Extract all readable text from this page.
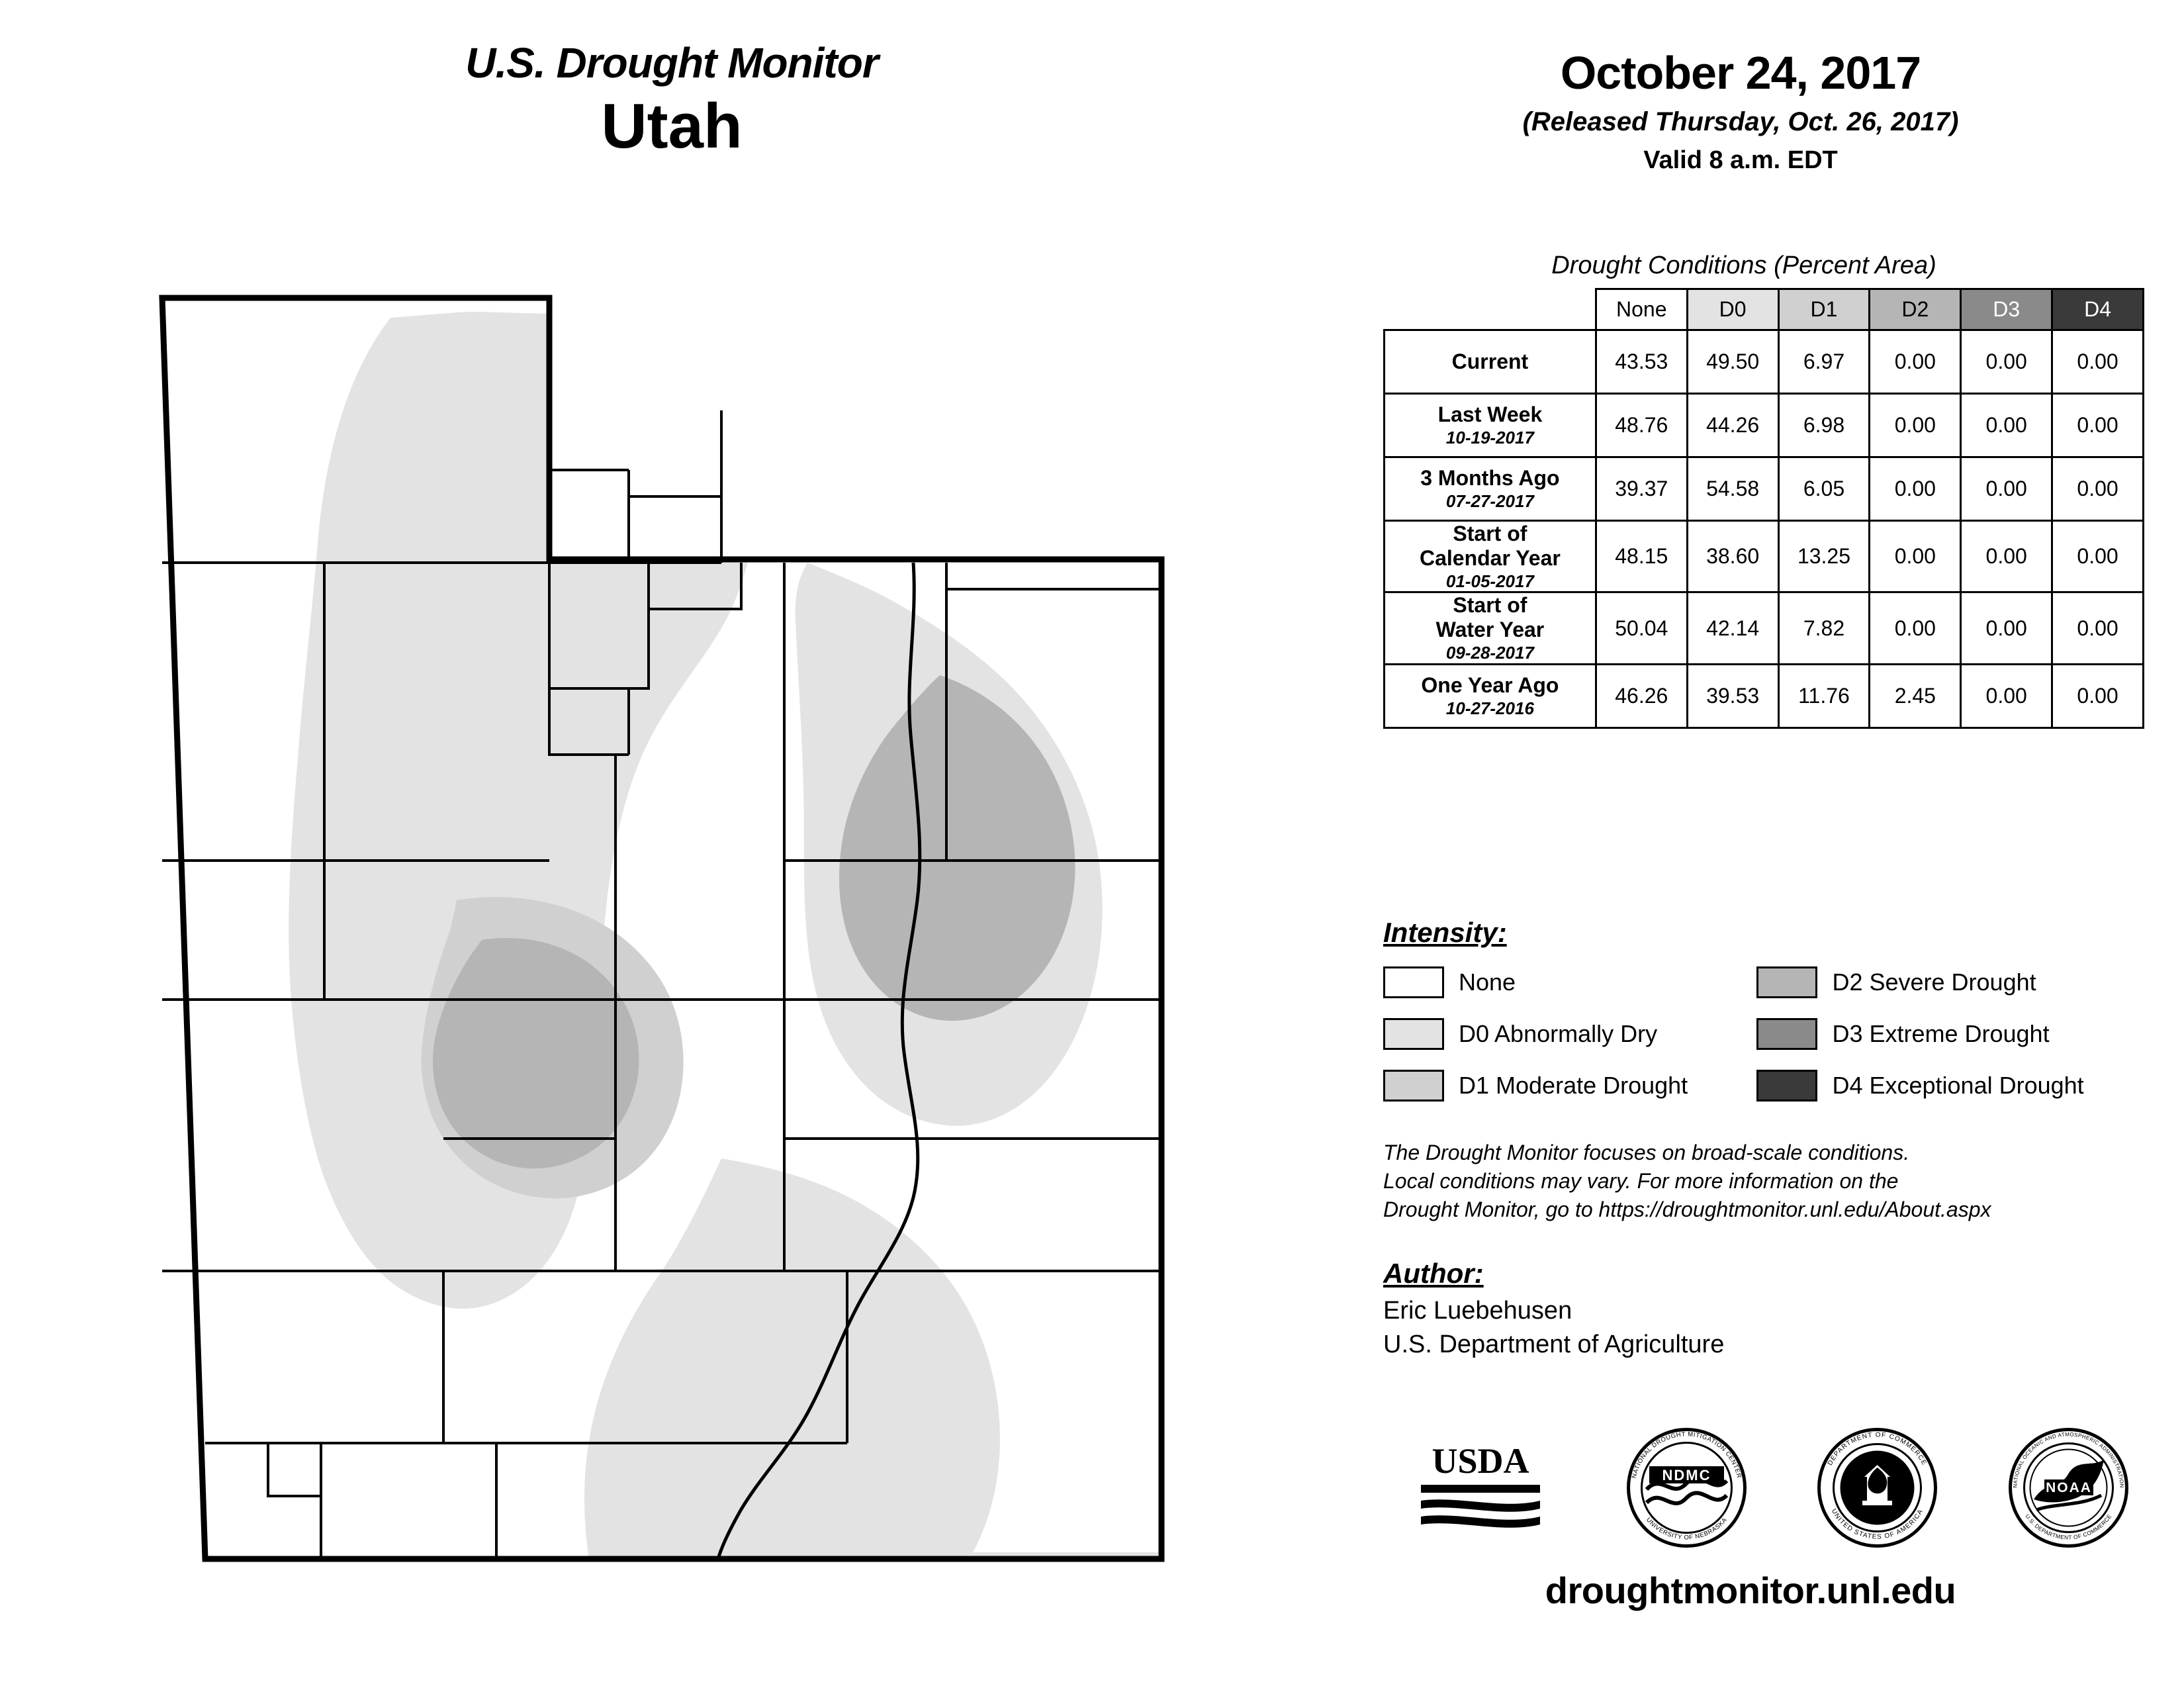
U.S. Drought Monitor
Utah
October 24, 2017
(Released Thursday, Oct. 26, 2017)
Valid 8 a.m. EDT
Drought Conditions (Percent Area)
	None	D0	D1	D2	D3	D4

Current	43.53	49.50	6.97	0.00	0.00	0.00

Last Week
10-19-2017	48.76	44.26	6.98	0.00	0.00	0.00

3 Months Ago
07-27-2017	39.37	54.58	6.05	0.00	0.00	0.00

Start of
Calendar Year
01-05-2017	48.15	38.60	13.25	0.00	0.00	0.00

Start of
Water Year
09-28-2017	50.04	42.14	7.82	0.00	0.00	0.00

One Year Ago
10-27-2016	46.26	39.53	11.76	2.45	0.00	0.00
Intensity:
None
D0 Abnormally Dry
D1 Moderate Drought

D2 Severe Drought
D3 Extreme Drought
D4 Exceptional Drought
The Drought Monitor focuses on broad-scale conditions.
Local conditions may vary. For more information on the
Drought Monitor, go to https://droughtmonitor.unl.edu/About.aspx
Author:
Eric Luebehusen
U.S. Department of Agriculture
USDA	NDMC
NATIONAL DROUGHT MITIGATION CENTER
UNIVERSITY OF NEBRASKA
DEPARTMENT OF COMMERCE
UNITED STATES OF AMERICA
NOAA
NATIONAL OCEANIC AND ATMOSPHERIC ADMINISTRATION
U.S. DEPARTMENT OF COMMERCE
droughtmonitor.unl.edu
